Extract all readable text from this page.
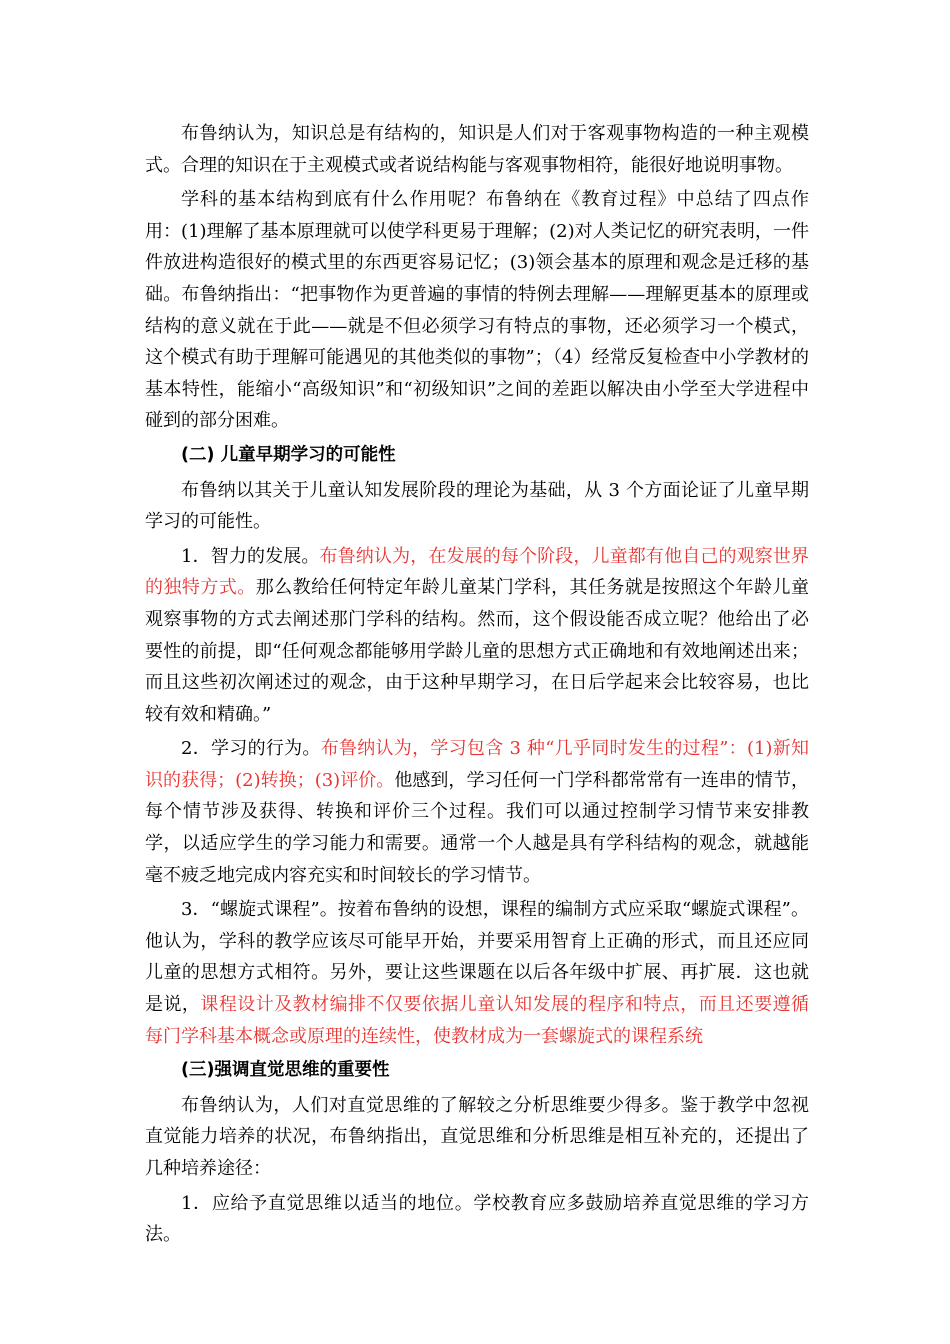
布鲁纳认为，知识总是有结构的，知识是人们对于客观事物构造的一种主观模式。合理的知识在于主观模式或者说结构能与客观事物相符，能很好地说明事物。

学科的基本结构到底有什么作用呢？布鲁纳在《教育过程》中总结了四点作用：(1)理解了基本原理就可以使学科更易于理解；(2)对人类记忆的研究表明，一件件放进构造很好的模式里的东西更容易记忆；(3)领会基本的原理和观念是迁移的基础。布鲁纳指出：“把事物作为更普遍的事情的特例去理解——理解更基本的原理或结构的意义就在于此——就是不但必须学习有特点的事物，还必须学习一个模式，这个模式有助于理解可能遇见的其他类似的事物”；（4）经常反复检查中小学教材的基本特性，能缩小“高级知识”和“初级知识”之间的差距以解决由小学至大学进程中碰到的部分困难。

(二) 儿童早期学习的可能性

布鲁纳以其关于儿童认知发展阶段的理论为基础，从 3 个方面论证了儿童早期学习的可能性。

1．智力的发展。布鲁纳认为，在发展的每个阶段，儿童都有他自己的观察世界的独特方式。那么教给任何特定年龄儿童某门学科，其任务就是按照这个年龄儿童观察事物的方式去阐述那门学科的结构。然而，这个假设能否成立呢？他给出了必要性的前提，即“任何观念都能够用学龄儿童的思想方式正确地和有效地阐述出来；而且这些初次阐述过的观念，由于这种早期学习，在日后学起来会比较容易，也比较有效和精确。”

2．学习的行为。布鲁纳认为，学习包含 3 种“几乎同时发生的过程”：(1)新知识的获得；(2)转换；(3)评价。他感到，学习任何一门学科都常常有一连串的情节，每个情节涉及获得、转换和评价三个过程。我们可以通过控制学习情节来安排教学，以适应学生的学习能力和需要。通常一个人越是具有学科结构的观念，就越能毫不疲乏地完成内容充实和时间较长的学习情节。

3．“螺旋式课程”。按着布鲁纳的设想，课程的编制方式应采取“螺旋式课程”。他认为，学科的教学应该尽可能早开始，并要采用智育上正确的形式，而且还应同儿童的思想方式相符。另外，要让这些课题在以后各年级中扩展、再扩展．这也就是说，课程设计及教材编排不仅要依据儿童认知发展的程序和特点，而且还要遵循每门学科基本概念或原理的连续性，使教材成为一套螺旋式的课程系统

(三)强调直觉思维的重要性

布鲁纳认为，人们对直觉思维的了解较之分析思维要少得多。鉴于教学中忽视直觉能力培养的状况，布鲁纳指出，直觉思维和分析思维是相互补充的，还提出了几种培养途径：

1．应给予直觉思维以适当的地位。学校教育应多鼓励培养直觉思维的学习方法。
